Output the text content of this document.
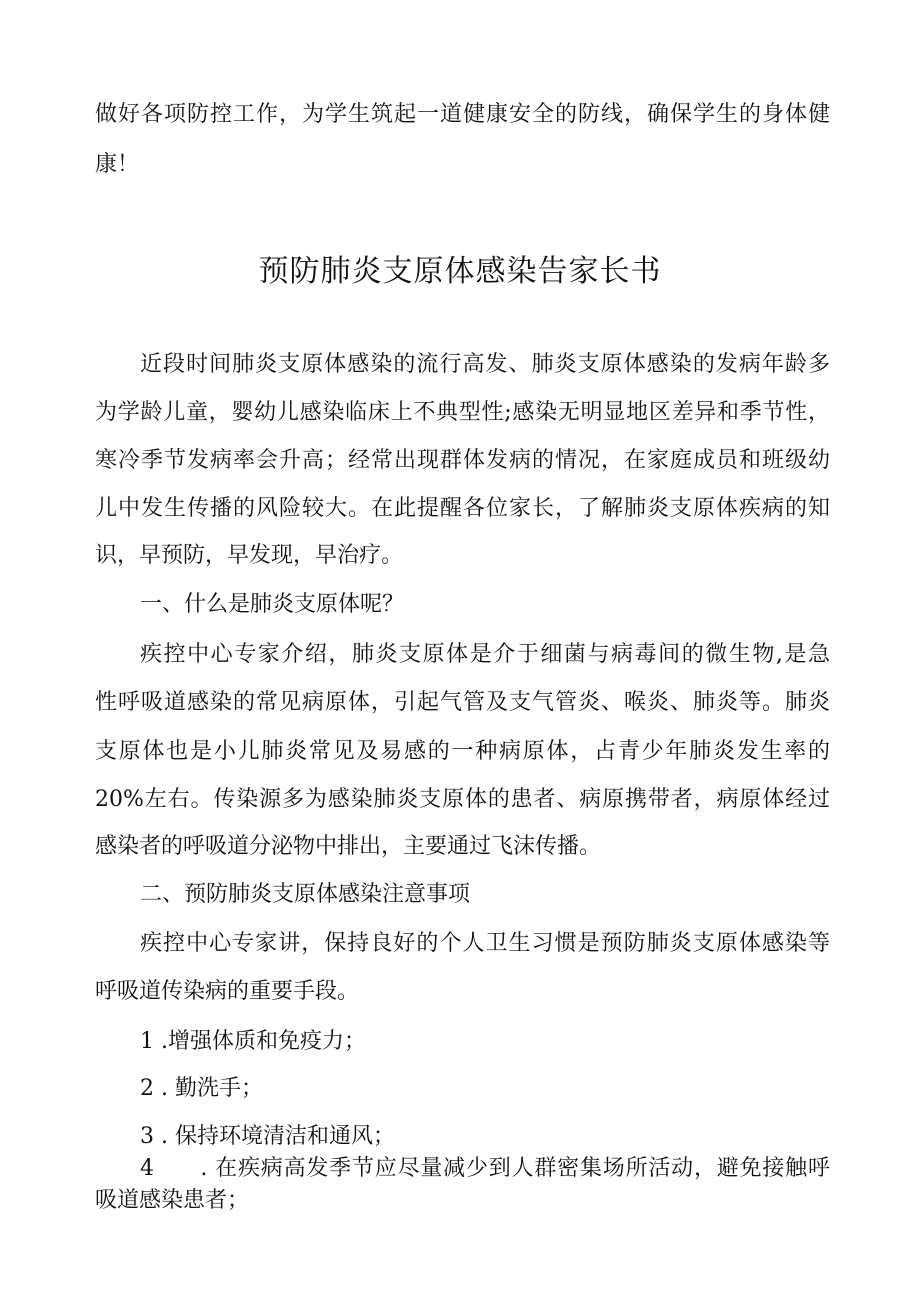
做好各项防控工作，为学生筑起一道健康安全的防线，确保学生的身体健
康！
预防肺炎支原体感染告家长书
近段时间肺炎支原体感染的流行高发、肺炎支原体感染的发病年龄多
为学龄儿童，婴幼儿感染临床上不典型性;感染无明显地区差异和季节性，
寒冷季节发病率会升高；经常出现群体发病的情况，在家庭成员和班级幼
儿中发生传播的风险较大。在此提醒各位家长，了解肺炎支原体疾病的知
识，早预防，早发现，早治疗。
一、什么是肺炎支原体呢？
疾控中心专家介绍，肺炎支原体是介于细菌与病毒间的微生物,是急
性呼吸道感染的常见病原体，引起气管及支气管炎、喉炎、肺炎等。肺炎
支原体也是小儿肺炎常见及易感的一种病原体，占青少年肺炎发生率的
20%左右。传染源多为感染肺炎支原体的患者、病原携带者，病原体经过
感染者的呼吸道分泌物中排出，主要通过飞沫传播。
二、预防肺炎支原体感染注意事项
疾控中心专家讲，保持良好的个人卫生习惯是预防肺炎支原体感染等
呼吸道传染病的重要手段。
1 .增强体质和免疫力；
2 . 勤洗手；
3 . 保持环境清洁和通风；
4　　. 在疾病高发季节应尽量减少到人群密集场所活动，避免接触呼
吸道感染患者；
